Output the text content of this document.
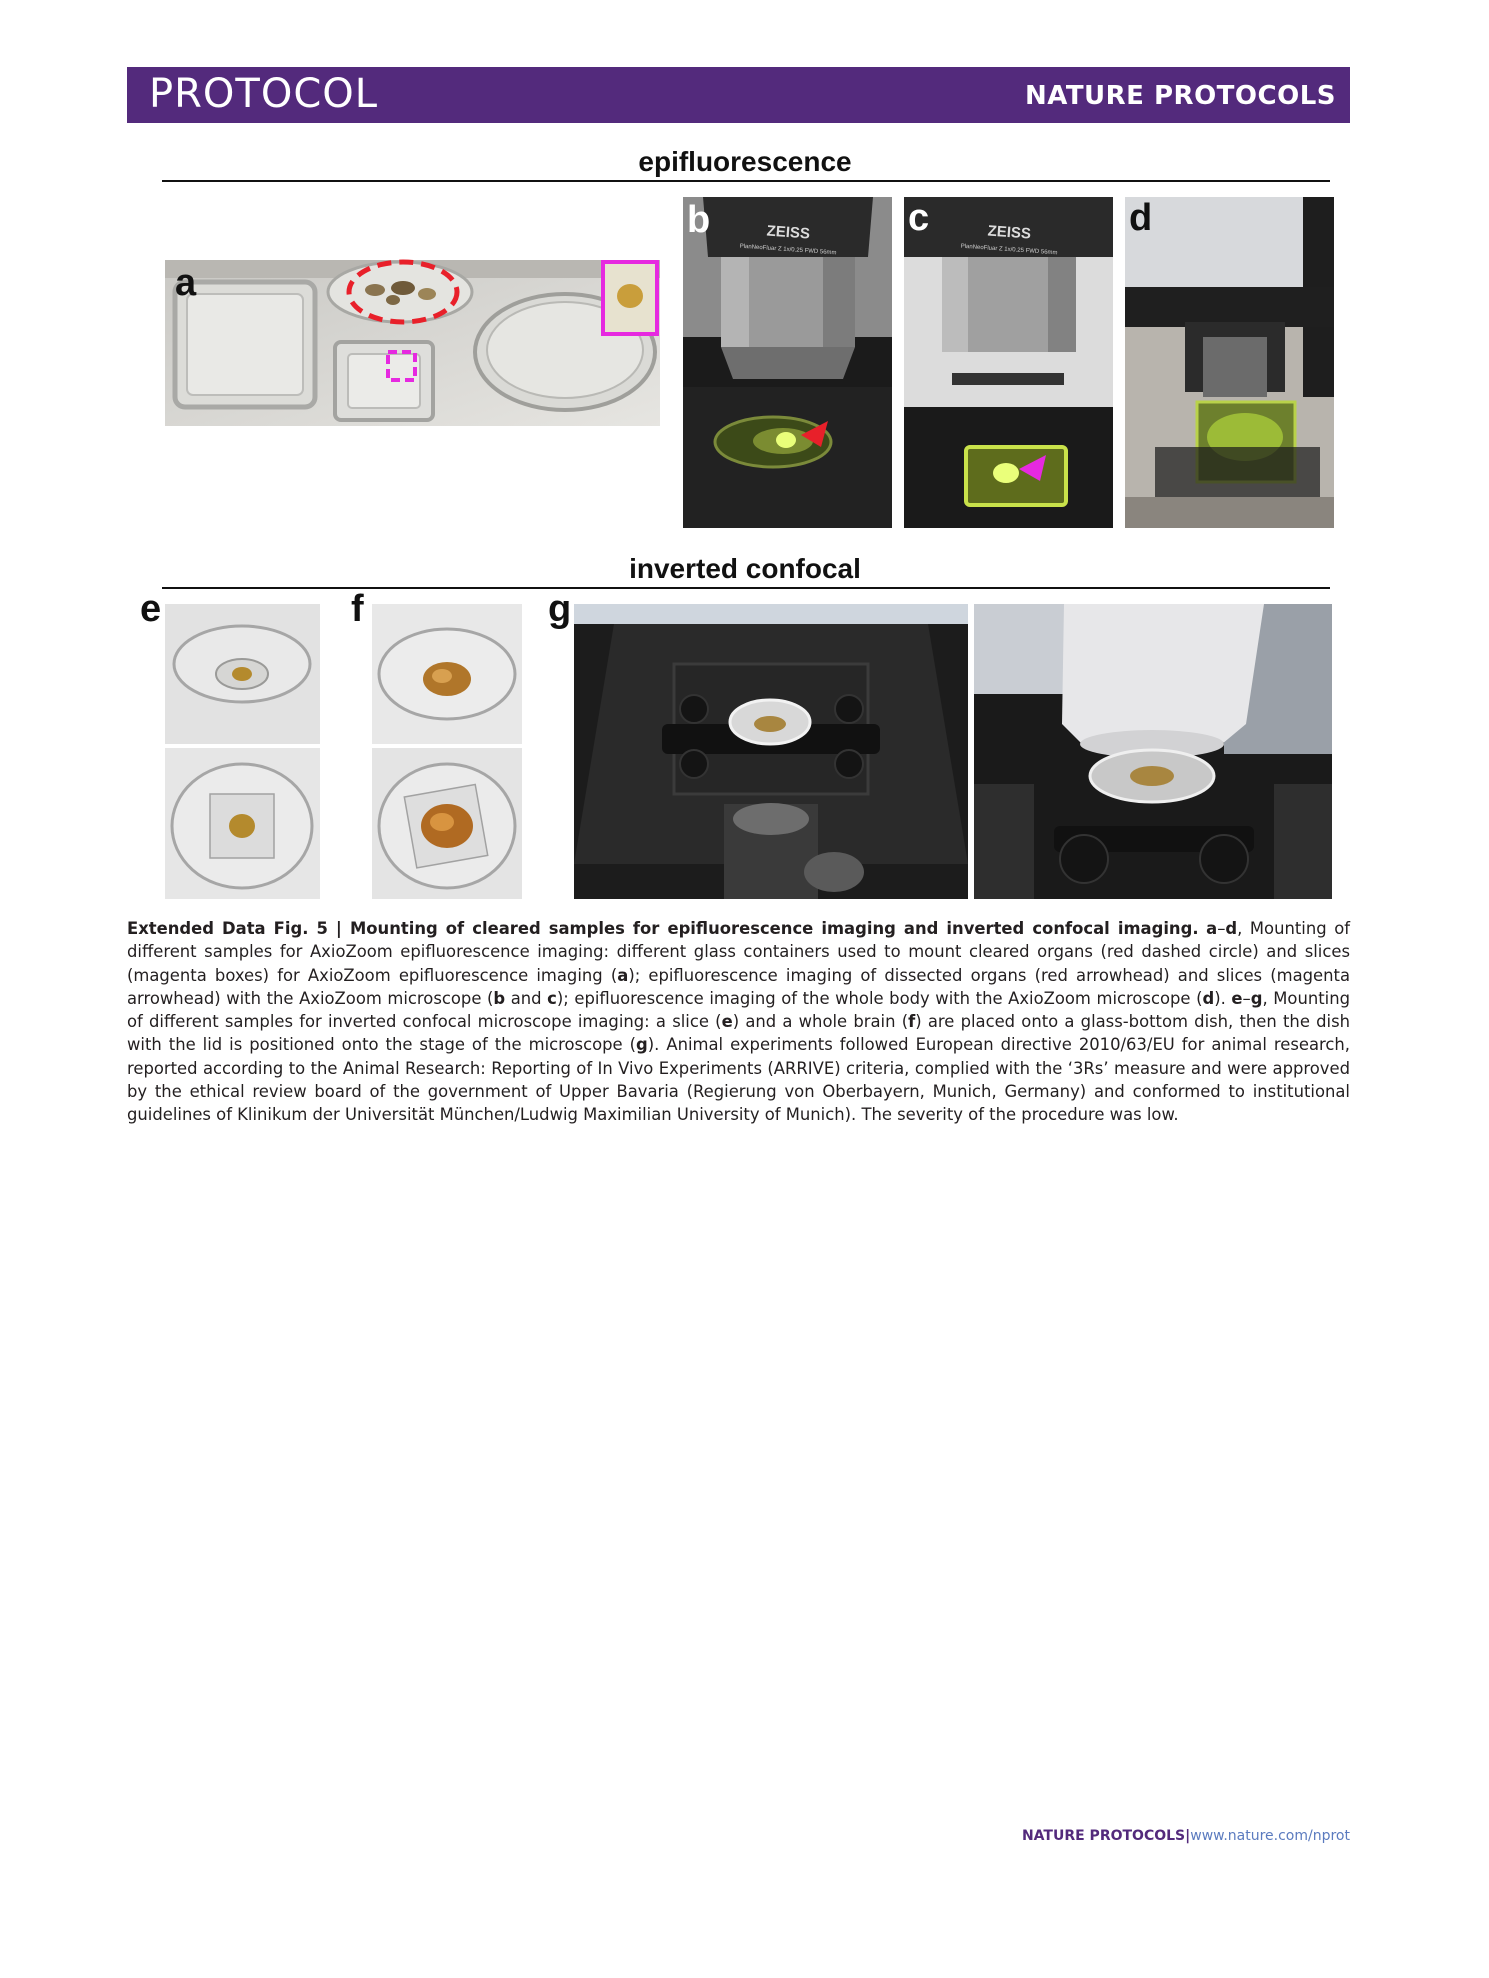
PROTOCOL	NATURE PROTOCOLS
epifluorescence
inverted confocal
a
ZEISS
PlanNeoFluar Z 1x/0.25 FWD 56mm
b	ZEISS
PlanNeoFluar Z 1x/0.25 FWD 56mm
c	d
e	f	g
Extended Data Fig. 5 | Mounting of cleared samples for epifluorescence imaging and inverted confocal imaging. a–d, Mounting of different samples for AxioZoom epifluorescence imaging: different glass containers used to mount cleared organs (red dashed circle) and slices (magenta boxes) for AxioZoom epifluorescence imaging (a); epifluorescence imaging of dissected organs (red arrowhead) and slices (magenta arrowhead) with the AxioZoom microscope (b and c); epifluorescence imaging of the whole body with the AxioZoom microscope (d). e–g, Mounting of different samples for inverted confocal microscope imaging: a slice (e) and a whole brain (f) are placed onto a glass-bottom dish, then the dish with the lid is positioned onto the stage of the microscope (g). Animal experiments followed European directive 2010/63/EU for animal research, reported according to the Animal Research: Reporting of In Vivo Experiments (ARRIVE) criteria, complied with the ‘3Rs’ measure and were approved by the ethical review board of the government of Upper Bavaria (Regierung von Oberbayern, Munich, Germany) and conformed to institutional guidelines of Klinikum der Universität München/Ludwig Maximilian University of Munich). The severity of the procedure was low.
NATURE PROTOCOLS|www.nature.com/nprot
